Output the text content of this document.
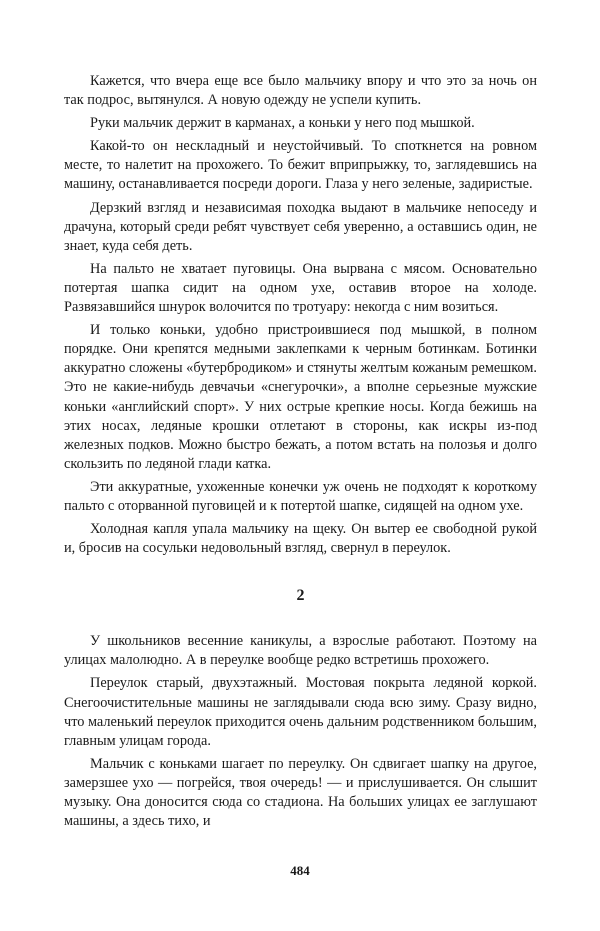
Кажется, что вчера еще все было мальчику впору и что это за ночь он так подрос, вытянулся. А новую одежду не успели купить.

Руки мальчик держит в карманах, а коньки у него под мышкой.

Какой-то он нескладный и неустойчивый. То споткнется на ровном месте, то налетит на прохожего. То бежит вприпрыжку, то, заглядевшись на машину, останавливается посреди дороги. Глаза у него зеленые, задиристые.

Дерзкий взгляд и независимая походка выдают в мальчике непоседу и драчуна, который среди ребят чувствует себя уверенно, а оставшись один, не знает, куда себя деть.

На пальто не хватает пуговицы. Она вырвана с мясом. Основательно потертая шапка сидит на одном ухе, оставив второе на холоде. Развязавшийся шнурок волочится по тротуару: некогда с ним возиться.

И только коньки, удобно пристроившиеся под мышкой, в полном порядке. Они крепятся медными заклепками к черным ботинкам. Ботинки аккуратно сложены «бутербродиком» и стянуты желтым кожаным ремешком. Это не какие-нибудь девчачьи «снегурочки», а вполне серьезные мужские коньки «английский спорт». У них острые крепкие носы. Когда бежишь на этих носах, ледяные крошки отлетают в стороны, как искры из-под железных подков. Можно быстро бежать, а потом встать на полозья и долго скользить по ледяной глади катка.

Эти аккуратные, ухоженные конечки уж очень не подходят к короткому пальто с оторванной пуговицей и к потертой шапке, сидящей на одном ухе.

Холодная капля упала мальчику на щеку. Он вытер ее свободной рукой и, бросив на сосульки недовольный взгляд, свернул в переулок.

2

У школьников весенние каникулы, а взрослые работают. Поэтому на улицах малолюдно. А в переулке вообще редко встретишь прохожего.

Переулок старый, двухэтажный. Мостовая покрыта ледяной коркой. Снегоочистительные машины не заглядывали сюда всю зиму. Сразу видно, что маленький переулок приходится очень дальним родственником большим, главным улицам города.

Мальчик с коньками шагает по переулку. Он сдвигает шапку на другое, замерзшее ухо — погрейся, твоя очередь! — и прислушивается. Он слышит музыку. Она доносится сюда со стадиона. На больших улицах ее заглушают машины, а здесь тихо, и

484
